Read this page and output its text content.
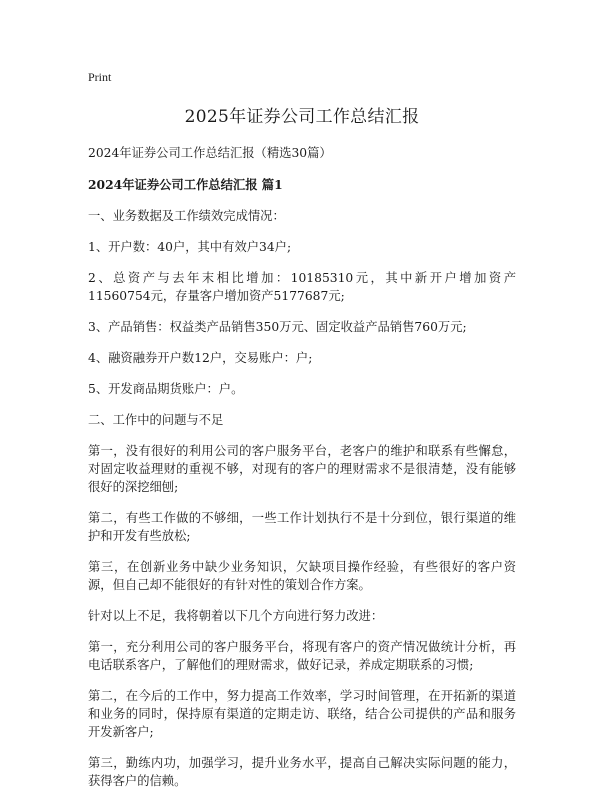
Print
2025年证券公司工作总结汇报

2024年证券公司工作总结汇报（精选30篇）

2024年证券公司工作总结汇报 篇1

一、业务数据及工作绩效完成情况：

1、开户数：40户，其中有效户34户;

2、总资产与去年末相比增加：10185310元，其中新开户增加资产11560754元，存量客户增加资产5177687元;

3、产品销售：权益类产品销售350万元、固定收益产品销售760万元;

4、融资融券开户数12户，交易账户：户;

5、开发商品期货账户：户。

二、工作中的问题与不足

第一，没有很好的利用公司的客户服务平台，老客户的维护和联系有些懈怠，对固定收益理财的重视不够，对现有的客户的理财需求不是很清楚，没有能够很好的深挖细刨;

第二，有些工作做的不够细，一些工作计划执行不是十分到位，银行渠道的维护和开发有些放松;

第三，在创新业务中缺少业务知识，欠缺项目操作经验，有些很好的客户资源，但自己却不能很好的有针对性的策划合作方案。

针对以上不足，我将朝着以下几个方向进行努力改进：

第一，充分利用公司的客户服务平台，将现有客户的资产情况做统计分析，再电话联系客户，了解他们的理财需求，做好记录，养成定期联系的习惯;

第二，在今后的工作中，努力提高工作效率，学习时间管理，在开拓新的渠道和业务的同时，保持原有渠道的定期走访、联络，结合公司提供的产品和服务开发新客户;

第三，勤练内功，加强学习，提升业务水平，提高自己解决实际问题的能力，获得客户的信赖。
